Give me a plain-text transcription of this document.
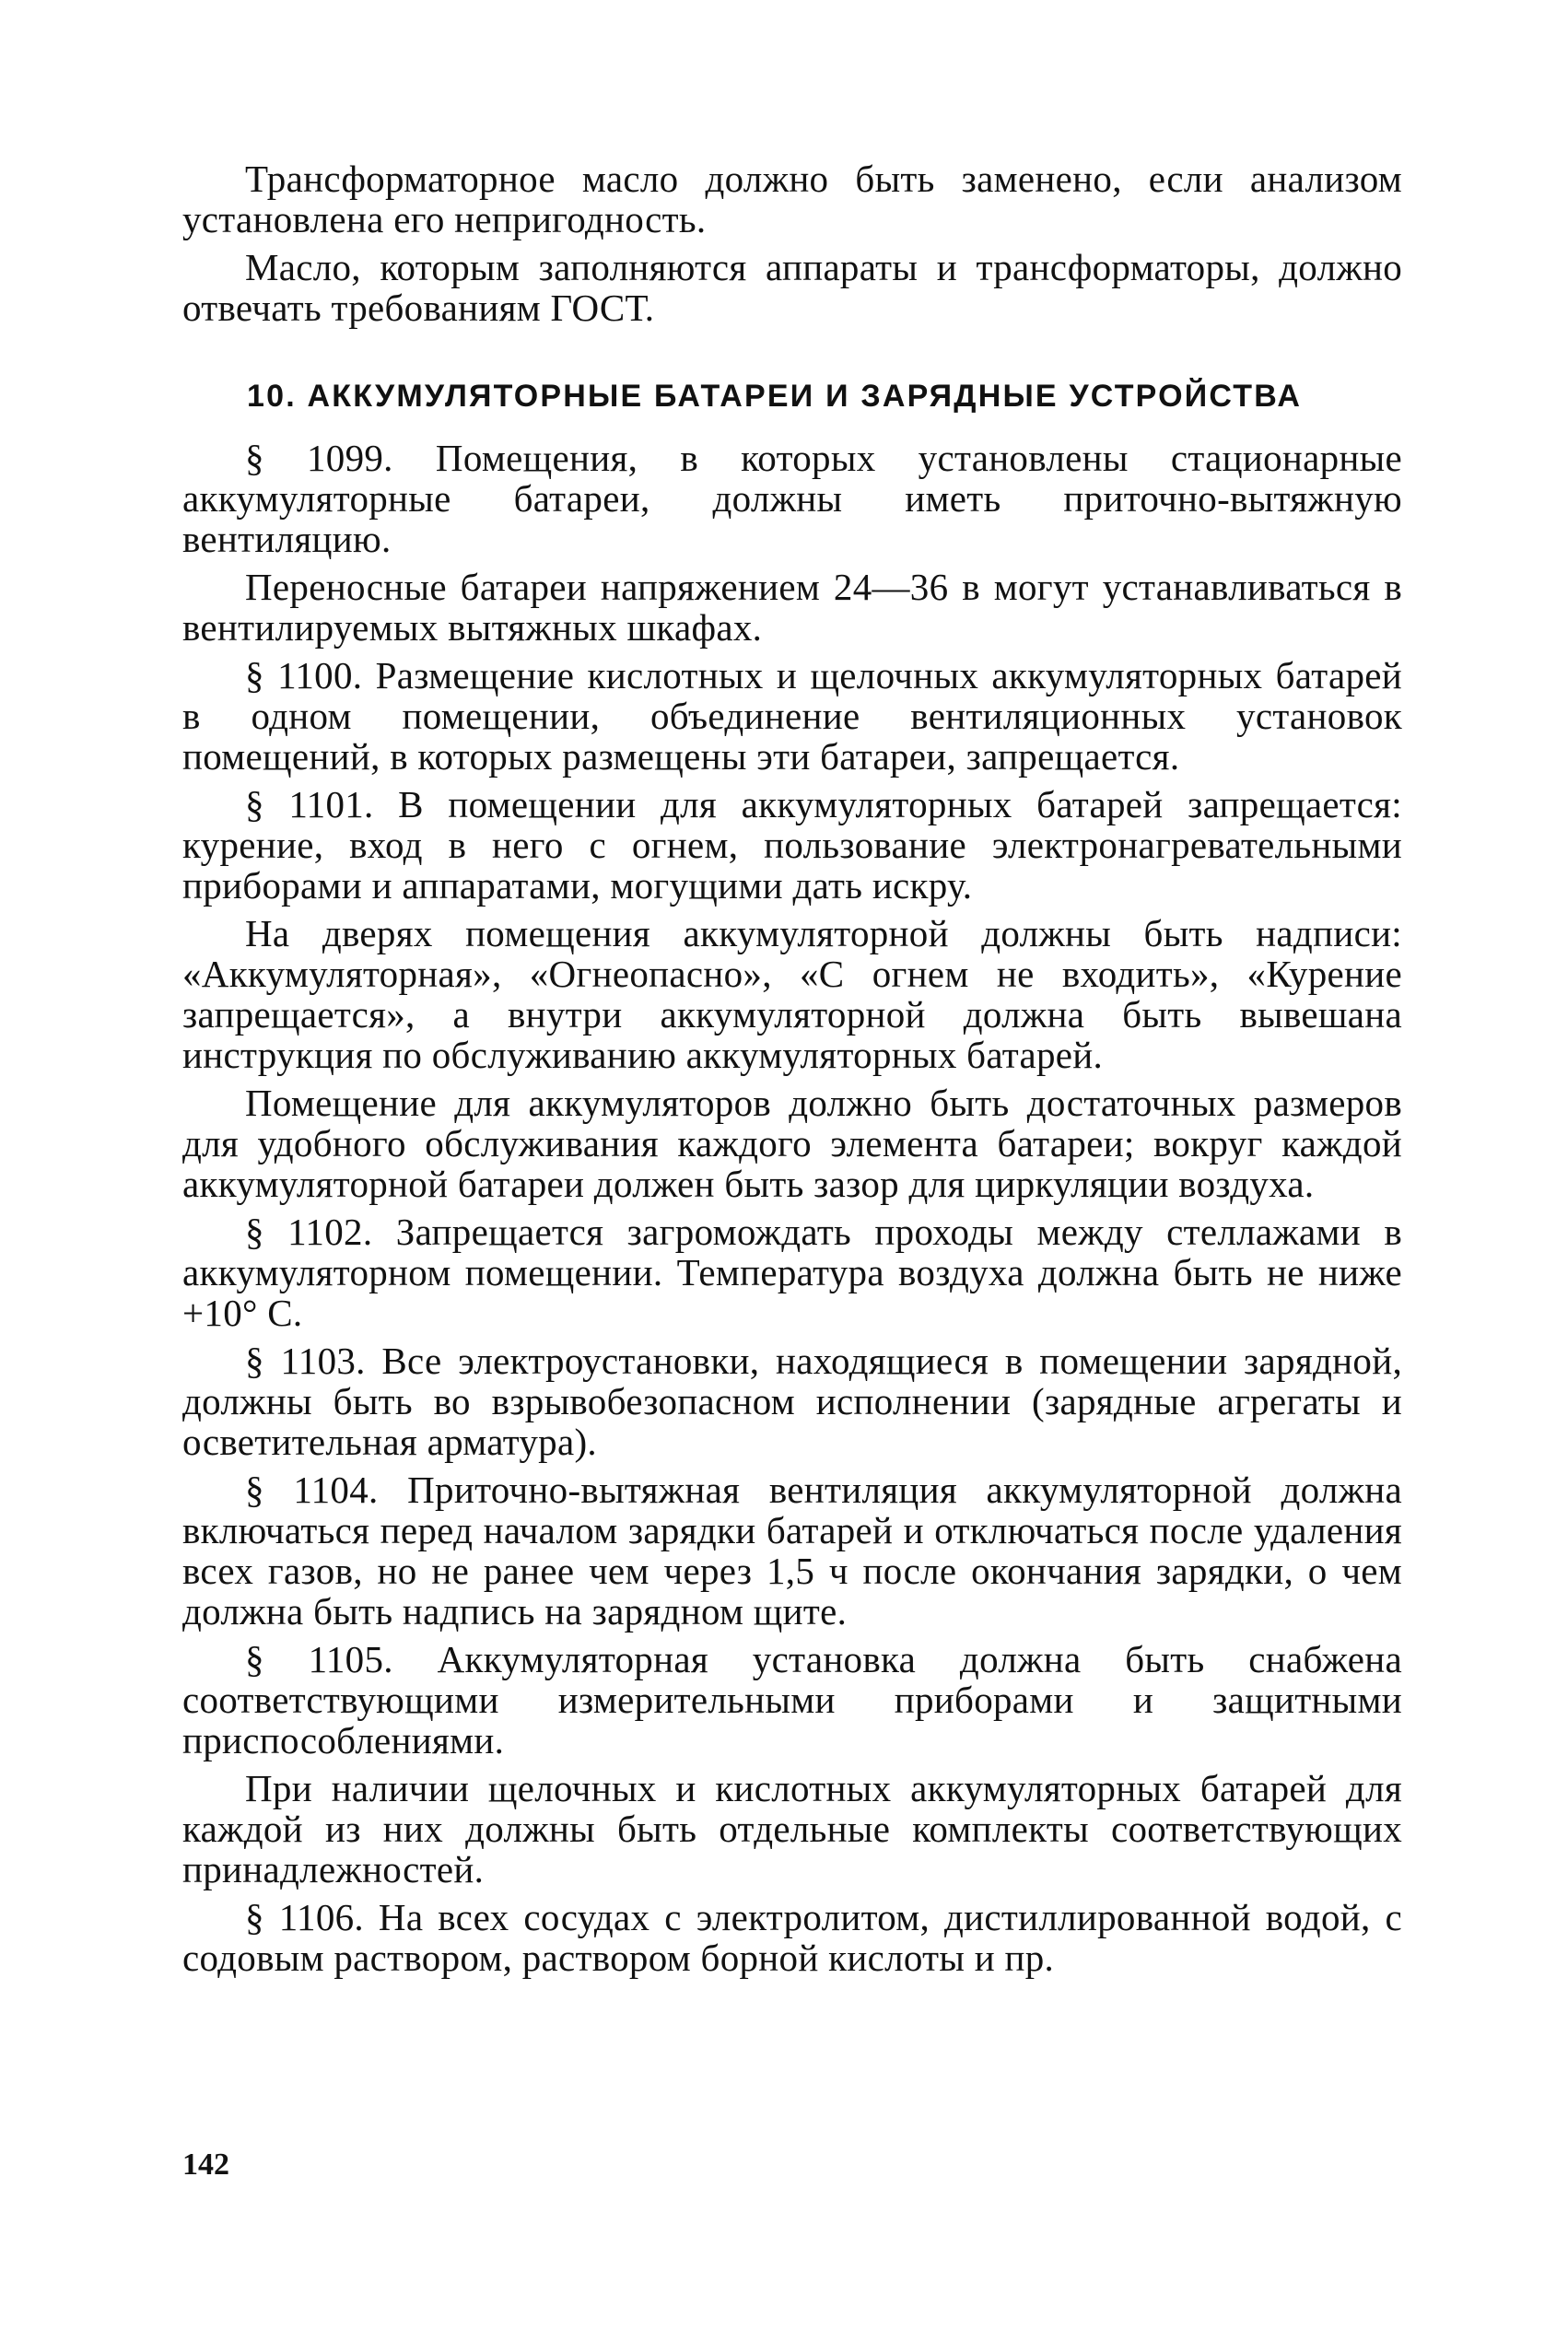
Трансформаторное масло должно быть заменено, если анализом установлена его непригодность.

Масло, которым заполняются аппараты и трансформаторы, должно отвечать требованиям ГОСТ.

10. АККУМУЛЯТОРНЫЕ БАТАРЕИ И ЗАРЯДНЫЕ УСТРОЙСТВА

§ 1099. Помещения, в которых установлены стационарные аккумуляторные батареи, должны иметь приточно-вытяжную вентиляцию.

Переносные батареи напряжением 24—36 в могут устанавливаться в вентилируемых вытяжных шкафах.

§ 1100. Размещение кислотных и щелочных аккумуляторных батарей в одном помещении, объединение вентиляционных установок помещений, в которых размещены эти батареи, запрещается.

§ 1101. В помещении для аккумуляторных батарей запрещается: курение, вход в него с огнем, пользование электронагревательными приборами и аппаратами, могущими дать искру.

На дверях помещения аккумуляторной должны быть надписи: «Аккумуляторная», «Огнеопасно», «С огнем не входить», «Курение запрещается», а внутри аккумуляторной должна быть вывешана инструкция по обслуживанию аккумуляторных батарей.

Помещение для аккумуляторов должно быть достаточных размеров для удобного обслуживания каждого элемента батареи; вокруг каждой аккумуляторной батареи должен быть зазор для циркуляции воздуха.

§ 1102. Запрещается загромождать проходы между стеллажами в аккумуляторном помещении. Температура воздуха должна быть не ниже +10° С.

§ 1103. Все электроустановки, находящиеся в помещении зарядной, должны быть во взрывобезопасном исполнении (зарядные агрегаты и осветительная арматура).

§ 1104. Приточно-вытяжная вентиляция аккумуляторной должна включаться перед началом зарядки батарей и отключаться после удаления всех газов, но не ранее чем через 1,5 ч после окончания зарядки, о чем должна быть надпись на зарядном щите.

§ 1105. Аккумуляторная установка должна быть снабжена соответствующими измерительными приборами и защитными приспособлениями.

При наличии щелочных и кислотных аккумуляторных батарей для каждой из них должны быть отдельные комплекты соответствующих принадлежностей.

§ 1106. На всех сосудах с электролитом, дистиллированной водой, с содовым раствором, раствором борной кислоты и пр.

142
